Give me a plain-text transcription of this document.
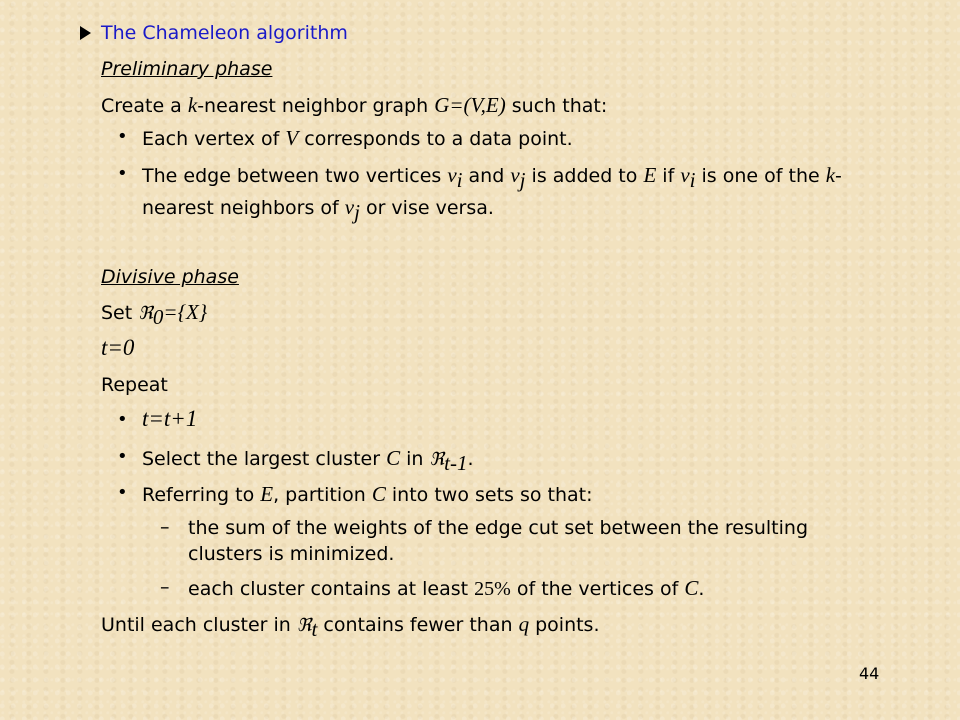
The Chameleon algorithm
Preliminary phase
Create a k-nearest neighbor graph G=(V,E) such that:
• Each vertex of V corresponds to a data point.
• The edge between two vertices $v_i$ and $v_j$ is added to E if $v_i$ is one of the k-
nearest neighbors of $v_j$ or vise versa.
Divisive phase
Set ℜ$_0$={X}
t=0
Repeat
• t=t+1
• Select the largest cluster C in ℜ$_{t-1}$.
• Referring to E, partition C into two sets so that:
– the sum of the weights of the edge cut set between the resulting
clusters is minimized.
– each cluster contains at least 25% of the vertices of C.
Until each cluster in ℜ$_t$ contains fewer than q points.
44
